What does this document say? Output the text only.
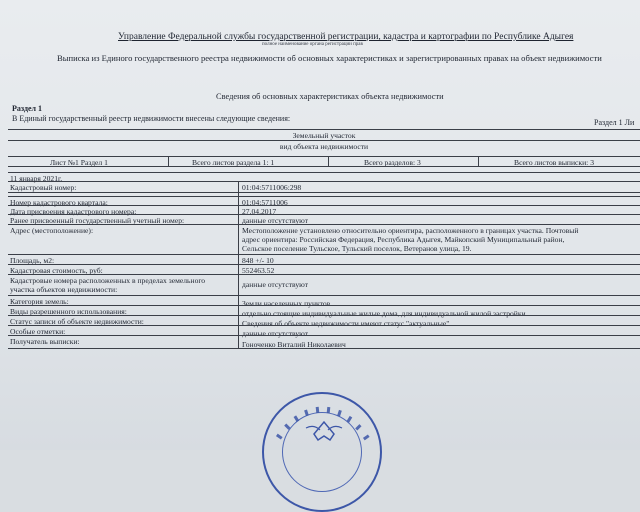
Управление Федеральной службы государственной регистрации, кадастра и картографии по Республике Адыгея
полное наименование органа регистрации прав
Выписка из Единого государственного реестра недвижимости об основных характеристиках и зарегистрированных правах на объект недвижимости
Сведения об основных характеристиках объекта недвижимости
Раздел 1
В Единый государственный реестр недвижимости внесены следующие сведения:	Раздел 1 Ли
Земельный участок
вид объекта недвижимости
Лист №1 Раздел 1	Всего листов раздела 1: 1	Всего разделов: 3	Всего листов выписки: 3
11 января 2021г.
Кадастровый номер:	01:04:5711006:298
Номер кадастрового квартала:	01:04:5711006
Дата присвоения кадастрового номера:	27.04.2017
Ранее присвоенный государственный учетный номер:	данные отсутствуют
Адрес (местоположение):	Местоположение установлено относительно ориентира, расположенного в границах участка. Почтовый
адрес ориентира: Российская Федерация, Республика Адыгея, Майкопский Муниципальный район,
Сельское поселение Тульское, Тульский поселок, Ветеранов улица, 19.
Площадь, м2:	848 +/- 10
Кадастровая стоимость, руб:	552463.52
Кадастровые номера расположенных в пределах земельного
участка объектов недвижимости:
данные отсутствуют
Категория земель:	Земли населенных пунктов
Виды разрешенного использования:	отдельно стоящие индивидуальные жилые дома, для индивидуальной жилой застройки
Статус записи об объекте недвижимости:	Сведения об объекте недвижимости имеют статус "актуальные"
Особые отметки:	данные отсутствуют
Получатель выписки:	Гоноченко Виталий Николаевич
